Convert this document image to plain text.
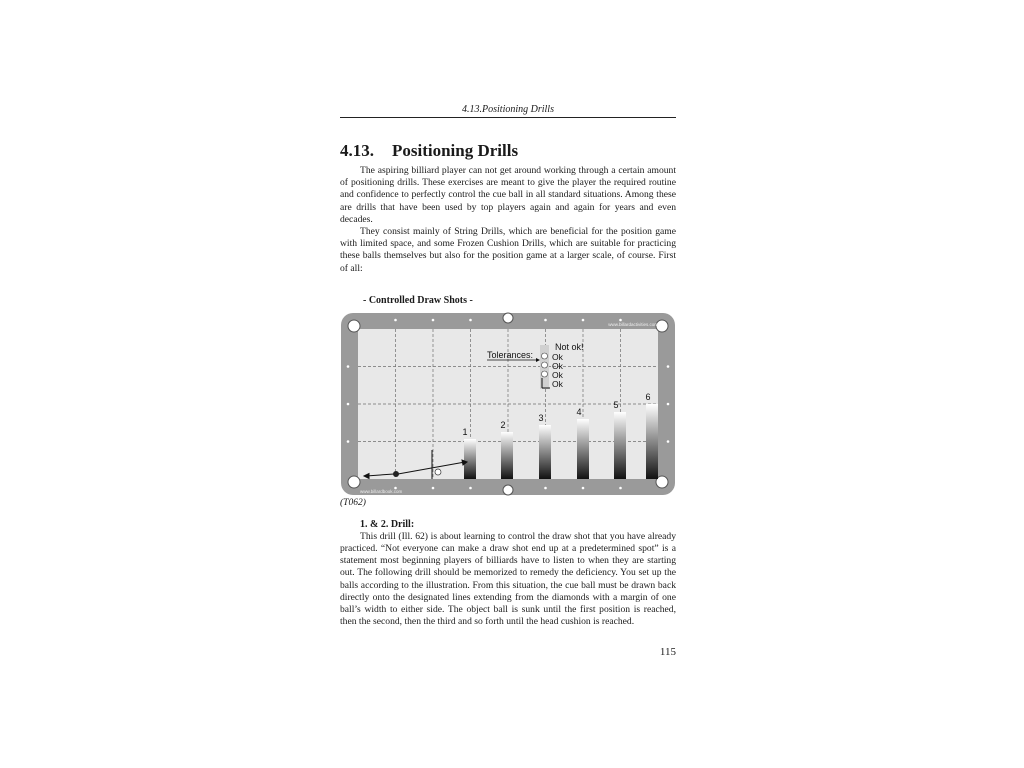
4.13.Positioning Drills
4.13.	Positioning Drills

The aspiring billiard player can not get around working through a certain amount of positioning drills. These exercises are meant to give the player the required routine and confidence to perfectly control the cue ball in all standard situations. Among these are drills that have been used by top players again and again for years and even decades.

They consist mainly of String Drills, which are beneficial for the position game with limited space, and some Frozen Cushion Drills, which are suitable for practicing these balls themselves but also for the position game at a larger scale, of course. First of all:

- Controlled Draw Shots -
www.billardactivities.com
www.billardbook.com
Tolerances:
Not ok!
Ok
Ok
Ok
Ok
1
2
3
4
5
6
(T062)
1. & 2. Drill:

This drill (Ill. 62) is about learning to control the draw shot that you have already practiced. “Not everyone can make a draw shot end up at a predetermined spot” is a statement most beginning players of billiards have to listen to when they are starting out. The following drill should be memorized to remedy the deficiency. You set up the balls according to the illustration. From this situation, the cue ball must be drawn back directly onto the designated lines extending from the diamonds with a margin of one ball’s width to either side. The object ball is sunk until the first position is reached, then the second, then the third and so forth until the head cushion is reached.

115
